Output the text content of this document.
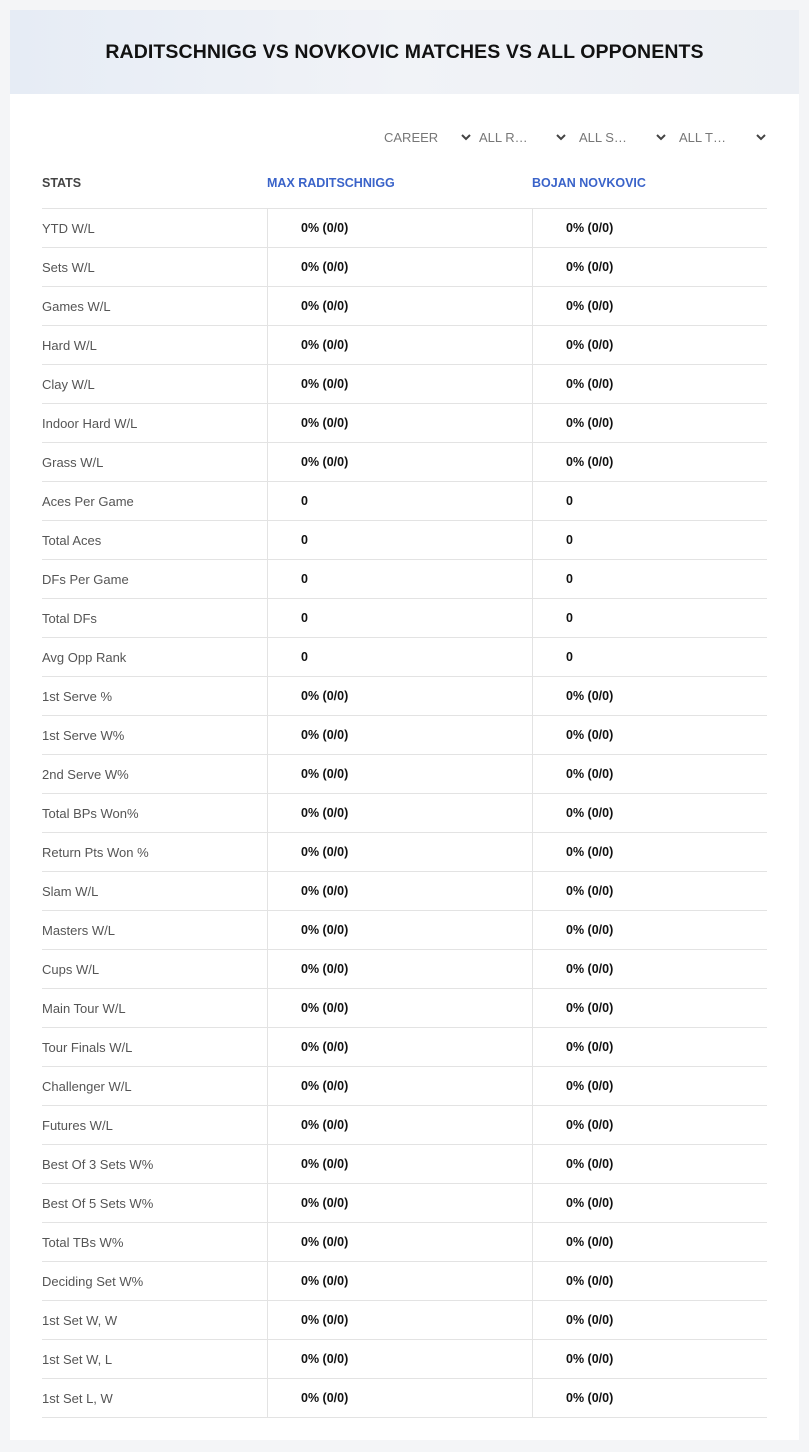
RADITSCHNIGG VS NOVKOVIC MATCHES VS ALL OPPONENTS
CAREER	ALL R…	ALL S…	ALL T…
STATS	MAX RADITSCHNIGG	BOJAN NOVKOVIC
YTD W/L	0% (0/0)	0% (0/0)
Sets W/L	0% (0/0)	0% (0/0)
Games W/L	0% (0/0)	0% (0/0)
Hard W/L	0% (0/0)	0% (0/0)
Clay W/L	0% (0/0)	0% (0/0)
Indoor Hard W/L	0% (0/0)	0% (0/0)
Grass W/L	0% (0/0)	0% (0/0)
Aces Per Game	0	0
Total Aces	0	0
DFs Per Game	0	0
Total DFs	0	0
Avg Opp Rank	0	0
1st Serve %	0% (0/0)	0% (0/0)
1st Serve W%	0% (0/0)	0% (0/0)
2nd Serve W%	0% (0/0)	0% (0/0)
Total BPs Won%	0% (0/0)	0% (0/0)
Return Pts Won %	0% (0/0)	0% (0/0)
Slam W/L	0% (0/0)	0% (0/0)
Masters W/L	0% (0/0)	0% (0/0)
Cups W/L	0% (0/0)	0% (0/0)
Main Tour W/L	0% (0/0)	0% (0/0)
Tour Finals W/L	0% (0/0)	0% (0/0)
Challenger W/L	0% (0/0)	0% (0/0)
Futures W/L	0% (0/0)	0% (0/0)
Best Of 3 Sets W%	0% (0/0)	0% (0/0)
Best Of 5 Sets W%	0% (0/0)	0% (0/0)
Total TBs W%	0% (0/0)	0% (0/0)
Deciding Set W%	0% (0/0)	0% (0/0)
1st Set W, W	0% (0/0)	0% (0/0)
1st Set W, L	0% (0/0)	0% (0/0)
1st Set L, W	0% (0/0)	0% (0/0)
